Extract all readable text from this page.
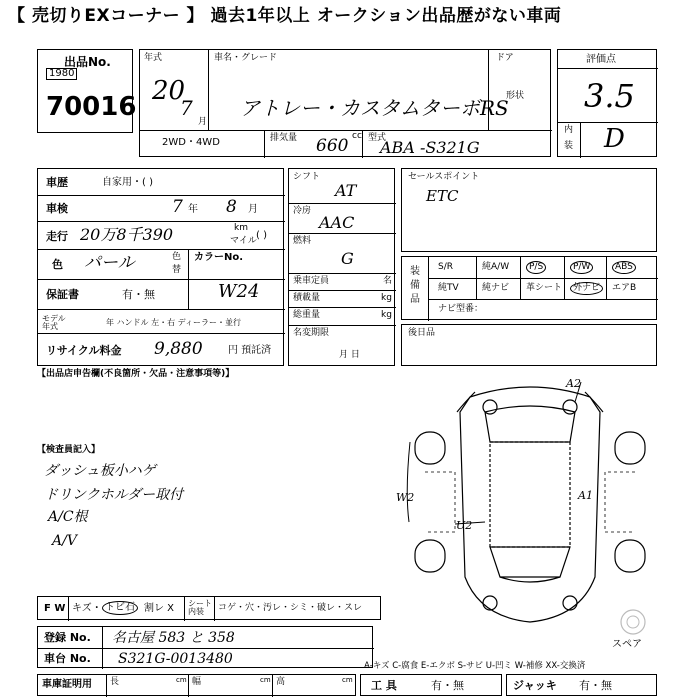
【 売切りEXコーナー 】 過去1年以上 オークション出品歴がない車両
出品No.
1980
70016
年式
20
7
月
車名・グレード
アトレー・カスタムターボRS
ドア
形状
2WD・4WD	排気量 660 cc 型式
ABA -S321G
評価点
3.5
内
装 D
車歴	自家用・( )
車検	7 年 8 月
走行 20万8千390	km
マイル ( )
色 パール	色
替
カラーNo.
W24
保証書	有・無
モデル年式	年 ハンドル 左・右 ディーラー・並行
リサイクル料金 9,880	円 預託済
シフト
AT
冷房
AAC
燃料
G
乗車定員	名
積載量	kg
総重量	kg
名変期限
月 日
セールスポイント
ETC
装備品
ナビ型番：
S/R	純A/W	P/S	P/W	ABS
純TV	純ナビ 革シート	外ナビ	エアB
後日品
【出品店申告欄(不良箇所・欠品・注意事項等)】
【検査員記入】
ダッシュ板小ハゲ
ドリンクホルダー取付
A/C根
A/V
A2
W2	A1
U2
スペア
F W キズ・ トビ石 割レ X シート内装	コゲ・穴・汚レ・シミ・破レ・スレ
登録 No. 名古屋 583 と 358
車台 No. S321G-0013480	A-キズ C-腐食 E-エクボ S-サビ U-凹ミ W-補修 XX-交換済
車庫証明用 長	cm 幅	cm 高	cm 工 具	有・無	ジャッキ 有・無
